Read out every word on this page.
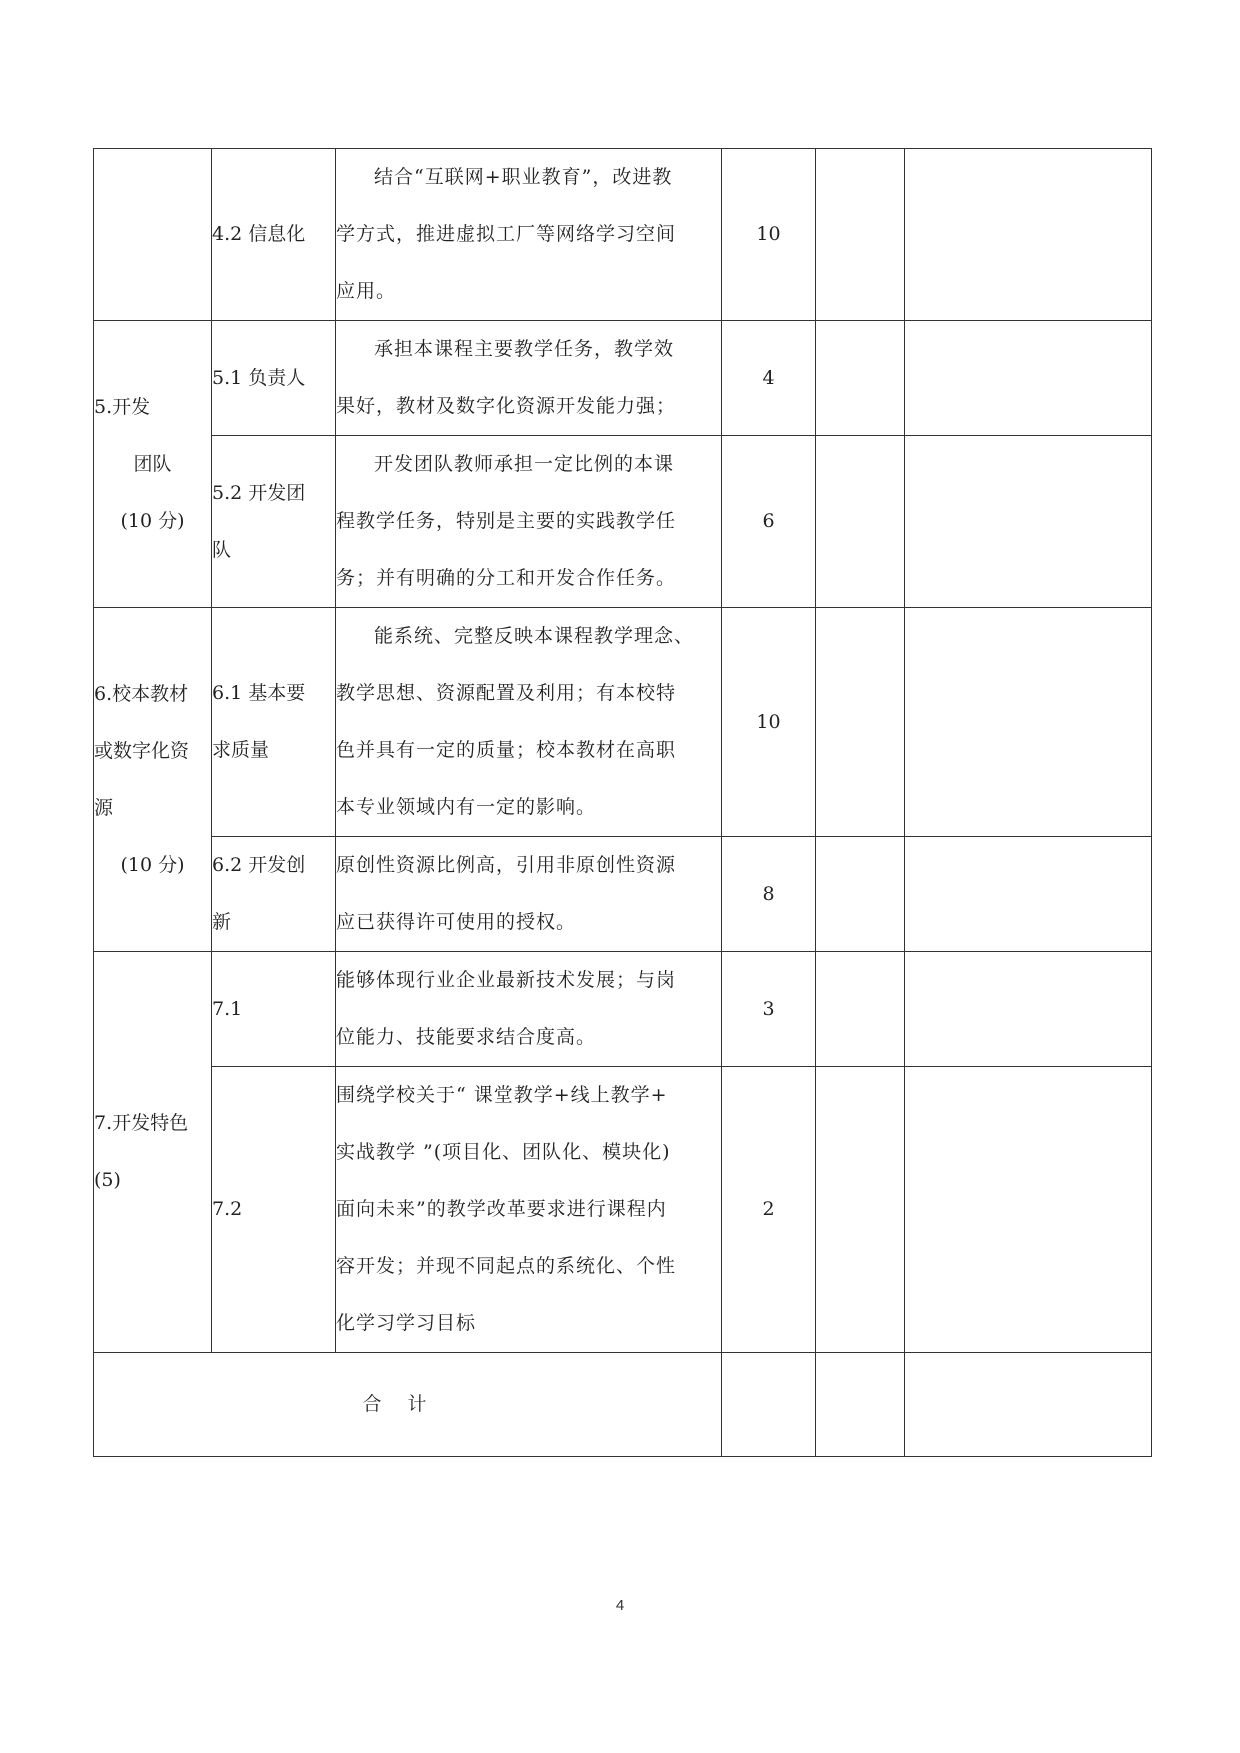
	4.2 信息化	结合“互联网+职业教育”，改进教
学方式，推进虚拟工厂等网络学习空间
应用。	10		

5.开发
团队
(10 分)	5.1 负责人	承担本课程主要教学任务，教学效
果好，教材及数字化资源开发能力强；	4		

	5.2 开发团
队	开发团队教师承担一定比例的本课
程教学任务，特别是主要的实践教学任
务；并有明确的分工和开发合作任务。	6		

6.校本教材
或数字化资
源
(10 分)	6.1 基本要
求质量	能系统、完整反映本课程教学理念、
教学思想、资源配置及利用；有本校特
色并具有一定的质量；校本教材在高职
本专业领域内有一定的影响。	10		

	6.2 开发创
新	原创性资源比例高，引用非原创性资源
应已获得许可使用的授权。	8		

7.开发特色
(5)	7.1	能够体现行业企业最新技术发展；与岗
位能力、技能要求结合度高。	3		

	7.2	围绕学校关于“ 课堂教学+线上教学+
实战教学 ”(项目化、团队化、模块化)
面向未来”的教学改革要求进行课程内
容开发；并现不同起点的系统化、个性
化学习学习目标	2		
合计					
4
